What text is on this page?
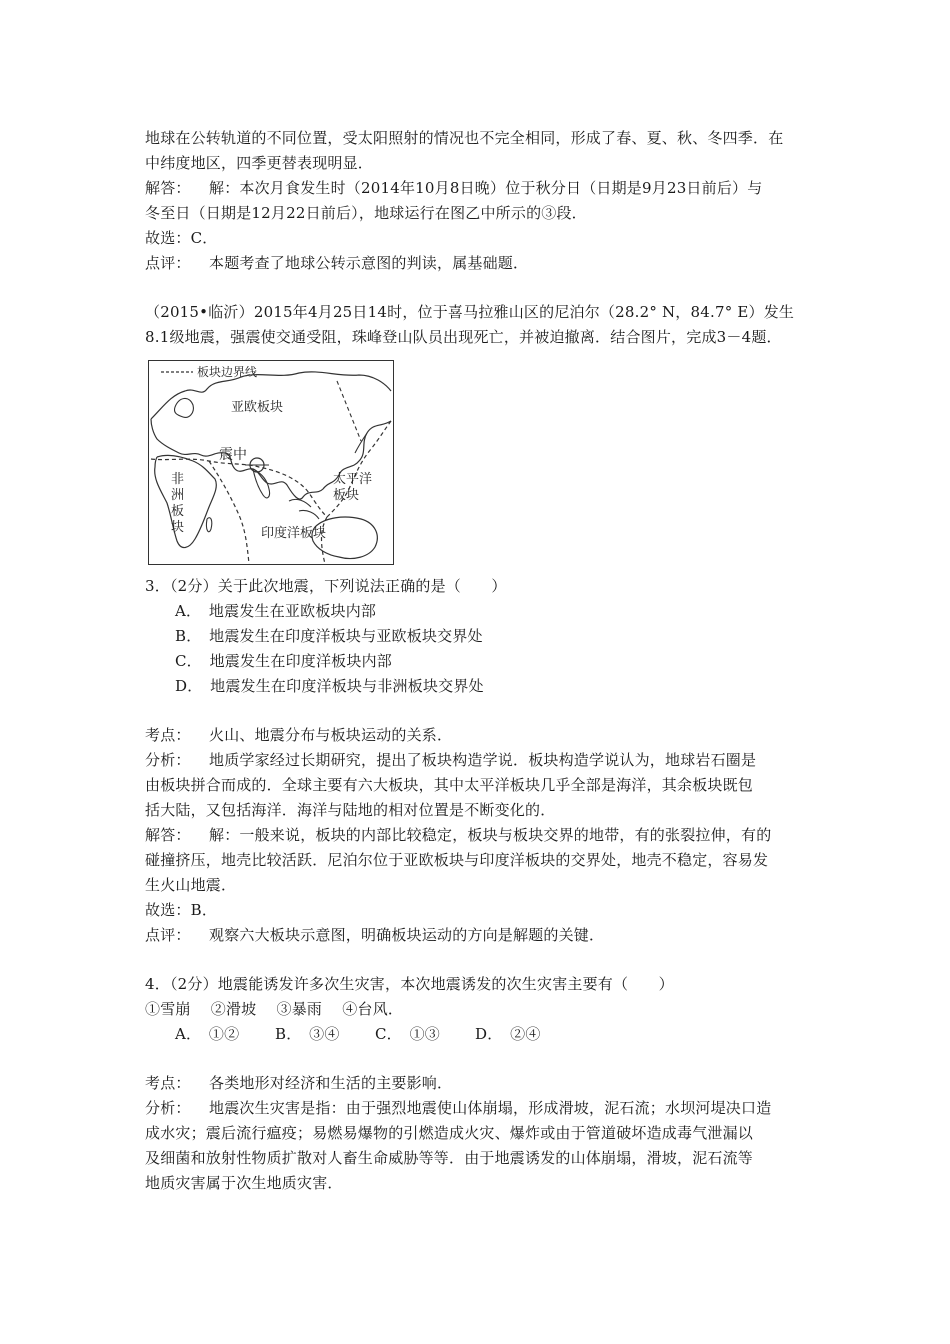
地球在公转轨道的不同位置，受太阳照射的情况也不完全相同，形成了春、夏、秋、冬四季．在
中纬度地区，四季更替表现明显．
解答： 解：本次月食发生时（2014年10月8日晚）位于秋分日（日期是9月23日前后）与
冬至日（日期是12月22日前后），地球运行在图乙中所示的③段．
故选：C．
点评： 本题考查了地球公转示意图的判读，属基础题．
（2015•临沂）2015年4月25日14时，位于喜马拉雅山区的尼泊尔（28.2° N，84.7° E）发生
8.1级地震，强震使交通受阻，珠峰登山队员出现死亡，并被迫撤离．结合图片，完成3－4题．
板块边界线
亚欧板块
震中
非
洲
板
块
太平洋
板块
印度洋板块
3．（2分）关于此次地震，下列说法正确的是（　　）
A．　地震发生在亚欧板块内部
B．　地震发生在印度洋板块与亚欧板块交界处
C．　地震发生在印度洋板块内部
D．　地震发生在印度洋板块与非洲板块交界处
考点： 火山、地震分布与板块运动的关系．
分析： 地质学家经过长期研究，提出了板块构造学说．板块构造学说认为，地球岩石圈是
由板块拼合而成的．全球主要有六大板块，其中太平洋板块几乎全部是海洋，其余板块既包
括大陆，又包括海洋．海洋与陆地的相对位置是不断变化的．
解答： 解：一般来说，板块的内部比较稳定，板块与板块交界的地带，有的张裂拉伸，有的
碰撞挤压，地壳比较活跃．尼泊尔位于亚欧板块与印度洋板块的交界处，地壳不稳定，容易发
生火山地震．
故选：B．
点评： 观察六大板块示意图，明确板块运动的方向是解题的关键．
4．（2分）地震能诱发许多次生灾害，本次地震诱发的次生灾害主要有（　　）
①雪崩　 ②滑坡　 ③暴雨　 ④台风．
A．　①② B．　③④ C．　①③ D．　②④
考点： 各类地形对经济和生活的主要影响．
分析： 地震次生灾害是指：由于强烈地震使山体崩塌，形成滑坡，泥石流；水坝河堤决口造
成水灾；震后流行瘟疫；易燃易爆物的引燃造成火灾、爆炸或由于管道破坏造成毒气泄漏以
及细菌和放射性物质扩散对人畜生命威胁等等．由于地震诱发的山体崩塌，滑坡，泥石流等
地质灾害属于次生地质灾害．
